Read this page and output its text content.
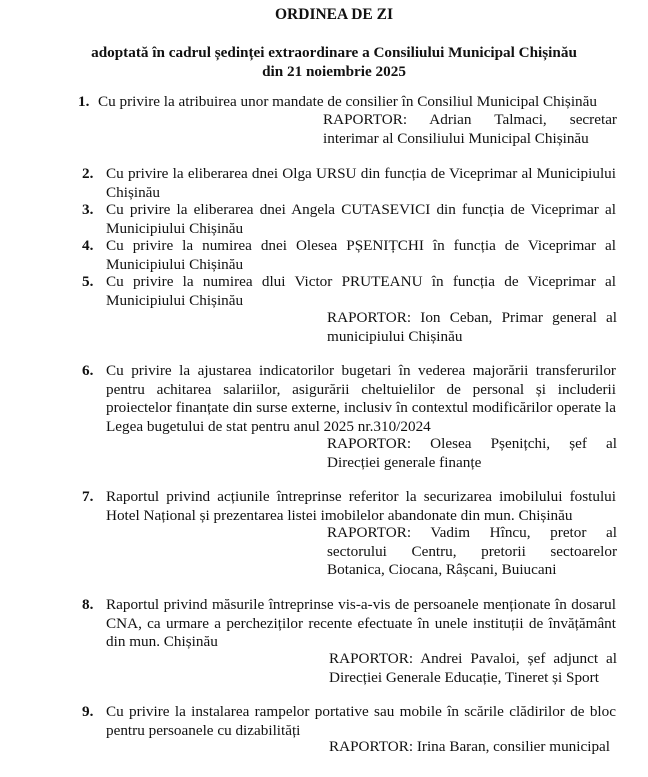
ORDINEA DE ZI
adoptată în cadrul ședinței extraordinare a Consiliului Municipal Chișinău
din 21 noiembrie 2025
1. Cu privire la atribuirea unor mandate de consilier în Consiliul Municipal Chișinău
RAPORTOR: Adrian Talmaci, secretar
interimar al Consiliului Municipal Chișinău
2. Cu privire la eliberarea dnei Olga URSU din funcția de Viceprimar al Municipiului Chișinău
3. Cu privire la eliberarea dnei Angela CUTASEVICI din funcția de Viceprimar al Municipiului Chișinău
4. Cu privire la numirea dnei Olesea PȘENIȚCHI în funcția de Viceprimar al Municipiului Chișinău
5. Cu privire la numirea dlui Victor PRUTEANU în funcția de Viceprimar al Municipiului Chișinău
RAPORTOR: Ion Ceban, Primar general al
municipiului Chișinău
6. Cu privire la ajustarea indicatorilor bugetari în vederea majorării transferurilor pentru achitarea salariilor, asigurării cheltuielilor de personal și includerii proiectelor finanțate din surse externe, inclusiv în contextul modificărilor operate la Legea bugetului de stat pentru anul 2025 nr.310/2024
RAPORTOR: Olesea Pșenițchi, șef al
Direcției generale finanțe
7. Raportul privind acțiunile întreprinse referitor la securizarea imobilului fostului Hotel Național și prezentarea listei imobilelor abandonate din mun. Chișinău
RAPORTOR: Vadim Hîncu, pretor al
sectorului Centru, pretorii sectoarelor
Botanica, Ciocana, Râșcani, Buiucani
8. Raportul privind măsurile întreprinse vis-a-vis de persoanele menționate în dosarul CNA, ca urmare a percheziților recente efectuate în unele instituții de învățământ din mun. Chișinău
RAPORTOR: Andrei Pavaloi, șef adjunct al
Direcției Generale Educație, Tineret și Sport
9. Cu privire la instalarea rampelor portative sau mobile în scările clădirilor de bloc pentru persoanele cu dizabilități
RAPORTOR: Irina Baran, consilier municipal
